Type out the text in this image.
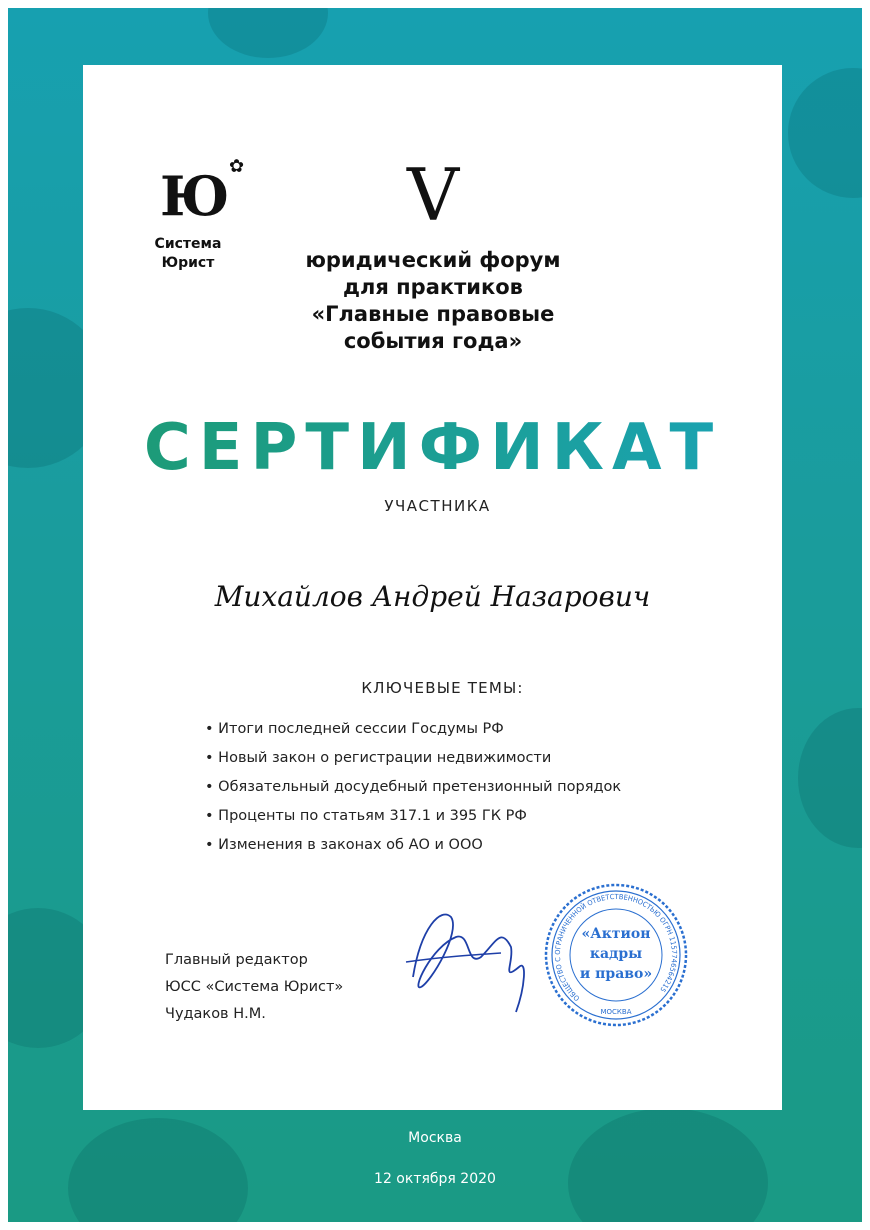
Ю ✿
Система
Юрист
V
юридический форум
для практиков
«Главные правовые
события года»
СЕРТИФИКАТ
УЧАСТНИКА
Михайлов Андрей Назарович
КЛЮЧЕВЫЕ ТЕМЫ:
• Итоги последней сессии Госдумы РФ
• Новый закон о регистрации недвижимости
• Обязательный досудебный претензионный порядок
• Проценты по статьям 317.1 и 395 ГК РФ
• Изменения в законах об АО и ООО
Главный редактор
ЮСС «Система Юрист»
Чудаков Н.М.
ОБЩЕСТВО С ОГРАНИЧЕННОЙ ОТВЕТСТВЕННОСТЬЮ ОГРН 1157746564215
«Актион
кадры
и право»
МОСКВА
Москва
12 октября 2020
